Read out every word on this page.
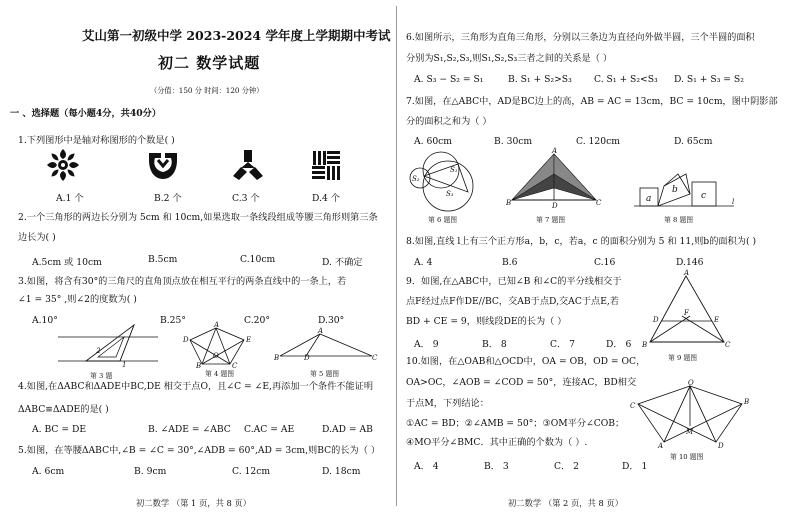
艾山第一初级中学 2023-2024 学年度上学期期中考试
初二 数学试题
（分值：150 分 时间：120 分钟）
一 、选择题（每小题4分，共40分）
1.下列图形中是轴对称图形的个数是( )
A.1 个	B.2 个	C.3 个	D.4 个
2.一个三角形的两边长分别为 5cm 和 10cm,如果选取一条线段组成等腰三角形则第三条
边长为( )
A.5cm 或 10cm	B.5cm	C.10cm	D. 不确定
3.如图，将含有30°的三角尺的直角顶点放在相互平行的两条直线中的一条上，若
∠1 = 35° ,则∠2的度数为( )
A.10°	B.25°	C.20°	D.30°
2
1
第 3 题
A
D	E
O
B	C
第 4 题图
A
B	D	C
第 5 题图
4.如图,在ΔABC和ΔADE中BC,DE 相交于点O，且∠C = ∠E,再添加一个条件不能证明
ΔABC≌ΔADE的是( )
A. BC = DE	B. ∠ADE = ∠ABC C.AC = AE	D.AD = AB
5.如图，在等腰ΔABC中,∠B = ∠C = 30°,∠ADB = 60°,AD = 3cm,则BC的长为（ ）
A. 6cm	B. 9cm	C. 12cm	D. 18cm
初二数学 （第 1 页，共 8 页）
6.如图所示，三角形为直角三角形，分别以三条边为直径向外做半圆，三个半圆的面积
分别为S₁,S₂,S₃,则S₁,S₂,S₃三者之间的关系是（ ）
A. S₃ − S₂ = S₁	B. S₁ + S₂>S₃ C. S₁ + S₂<S₃ D. S₁ + S₃ = S₂
7.如图，在△ABC中，AD是BC边上的高，AB = AC = 13cm，BC = 10cm，图中阴影部
分的面积之和为（ ）
A. 60cm	B. 30cm	C. 120cm	D. 65cm
S₁
S₂
S₃
第 6 题图
A
B	D	C
第 7 题图
a
b
c
l
第 8 题图
8.如图,直线 l上有三个正方形a，b，c，若a，c 的面积分别为 5 和 11,则b的面积为( )
A. 4	B.6	C.16	D.146
9．如图,在△ABC中，已知∠B 和∠C的平分线相交于
点F经过点F作DE//BC，交AB于点D,交AC于点E,若
BD + CE = 9，则线段DE的长为（ ）
A． 9	B． 8	C． 7	D． 6
A
D
F
E
B	C
第 9 题图
10.如图，在△OAB和△OCD中，OA = OB，OD = OC，
OA>OC，∠AOB = ∠COD = 50°，连接AC，BD相交
于点M，下列结论：
①AC = BD；②∠AMB = 50°；③OM平分∠COB；
④MO平分∠BMC．其中正确的个数为（ ）.
A． 4	B． 3	C． 2	D． 1
O
C	B
A	D
M
第 10 题图
初二数学 （第 2 页，共 8 页）
